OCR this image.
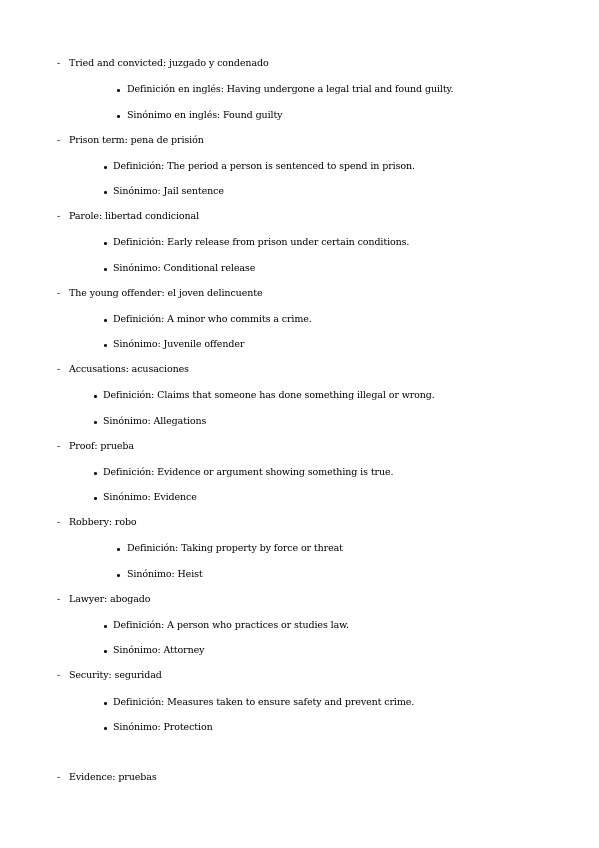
- Tried and convicted: juzgado y condenado
Definición en inglés: Having undergone a legal trial and found guilty.
Sinónimo en inglés: Found guilty
- Prison term: pena de prisión
Definición: The period a person is sentenced to spend in prison.
Sinónimo: Jail sentence
- Parole: libertad condicional
Definición: Early release from prison under certain conditions.
Sinónimo: Conditional release
- The young offender: el joven delincuente
Definición: A minor who commits a crime.
Sinónimo: Juvenile offender
- Accusations: acusaciones
Definición: Claims that someone has done something illegal or wrong.
Sinónimo: Allegations
- Proof: prueba
Definición: Evidence or argument showing something is true.
Sinónimo: Evidence
- Robbery: robo
Definición: Taking property by force or threat
Sinónimo: Heist
- Lawyer: abogado
Definición: A person who practices or studies law.
Sinónimo: Attorney
- Security: seguridad
Definición: Measures taken to ensure safety and prevent crime.
Sinónimo: Protection
- Evidence: pruebas
